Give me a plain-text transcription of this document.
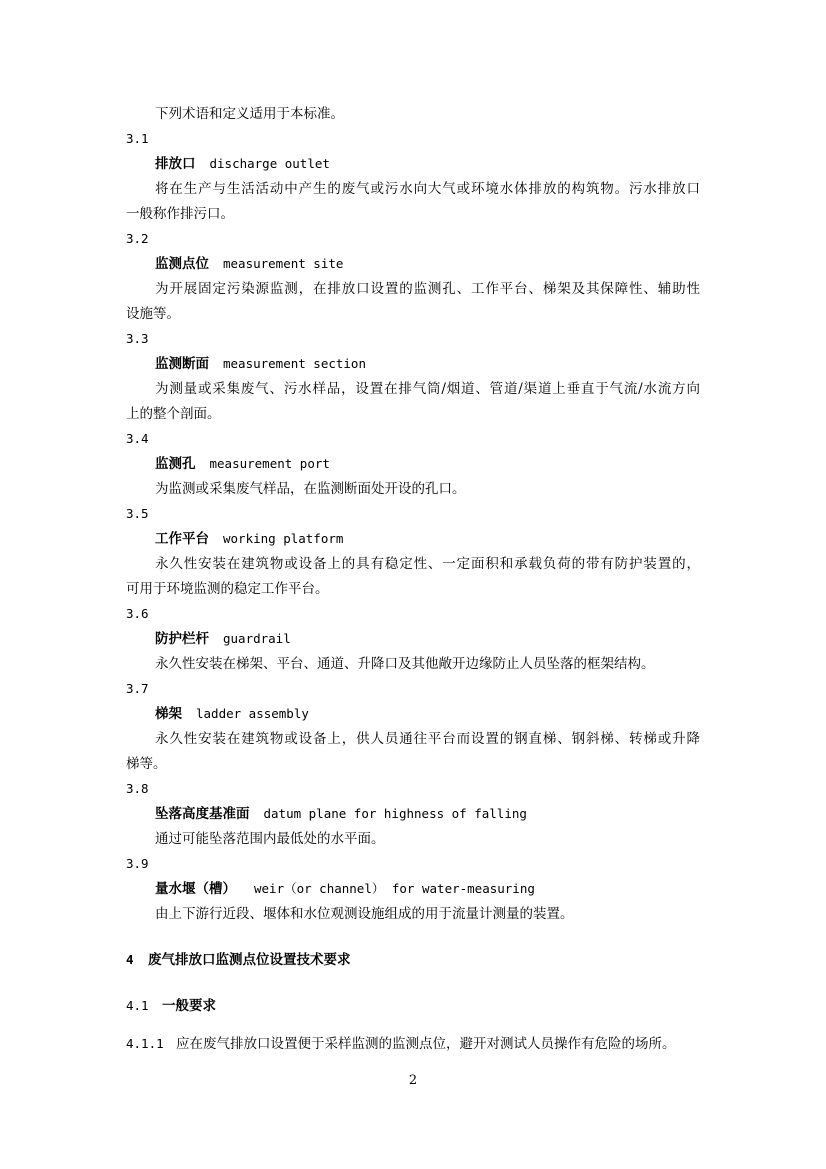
下列术语和定义适用于本标准。
3.1
排放口 discharge outlet
将在生产与生活活动中产生的废气或污水向大气或环境水体排放的构筑物。污水排放口
一般称作排污口。
3.2
监测点位 measurement site
为开展固定污染源监测，在排放口设置的监测孔、工作平台、梯架及其保障性、辅助性
设施等。
3.3
监测断面 measurement section
为测量或采集废气、污水样品，设置在排气筒/烟道、管道/渠道上垂直于气流/水流方向
上的整个剖面。
3.4
监测孔 measurement port
为监测或采集废气样品，在监测断面处开设的孔口。
3.5
工作平台 working platform
永久性安装在建筑物或设备上的具有稳定性、一定面积和承载负荷的带有防护装置的，
可用于环境监测的稳定工作平台。
3.6
防护栏杆 guardrail
永久性安装在梯架、平台、通道、升降口及其他敞开边缘防止人员坠落的框架结构。
3.7
梯架 ladder assembly
永久性安装在建筑物或设备上，供人员通往平台而设置的钢直梯、钢斜梯、转梯或升降
梯等。
3.8
坠落高度基准面 datum plane for highness of falling
通过可能坠落范围内最低处的水平面。
3.9
量水堰（槽） weir（or channel） for water-measuring
由上下游行近段、堰体和水位观测设施组成的用于流量计测量的装置。
4 废气排放口监测点位设置技术要求
4.1 一般要求
4.1.1 应在废气排放口设置便于采样监测的监测点位，避开对测试人员操作有危险的场所。
2
